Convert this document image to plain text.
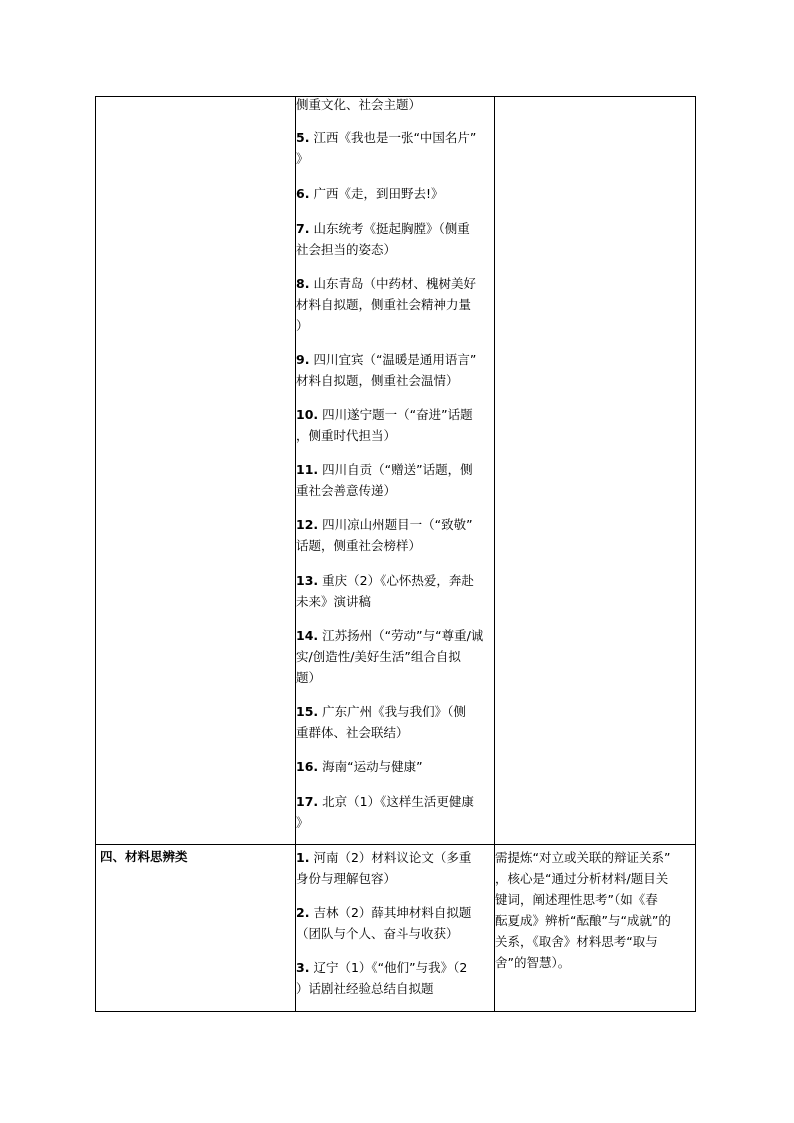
侧重文化、社会主题）
5. 江西《我也是一张“中国名片”
》
6. 广西《走，到田野去!》
7. 山东统考《挺起胸膛》（侧重
社会担当的姿态）
8. 山东青岛（中药材、槐树美好
材料自拟题，侧重社会精神力量
）
9. 四川宜宾（“温暖是通用语言”
材料自拟题，侧重社会温情）
10. 四川遂宁题一（“奋进”话题
，侧重时代担当）
11. 四川自贡（“赠送”话题，侧
重社会善意传递）
12. 四川凉山州题目一（“致敬”
话题，侧重社会榜样）
13. 重庆（2）《心怀热爱，奔赴
未来》演讲稿
14. 江苏扬州（“劳动”与“尊重/诚
实/创造性/美好生活”组合自拟
题）
15. 广东广州《我与我们》（侧
重群体、社会联结）
16. 海南“运动与健康”
17. 北京（1）《这样生活更健康
》
四、材料思辨类	1. 河南（2）材料议论文（多重
身份与理解包容）
2. 吉林（2）薛其坤材料自拟题
（团队与个人、奋斗与收获）
3. 辽宁（1）《“他们”与我》（2
）话剧社经验总结自拟题
需提炼“对立或关联的辩证关系”
，核心是“通过分析材料/题目关
键词，阐述理性思考”（如《春
酝夏成》辨析“酝酿”与“成就”的
关系，《取舍》材料思考“取与
舍”的智慧）。
